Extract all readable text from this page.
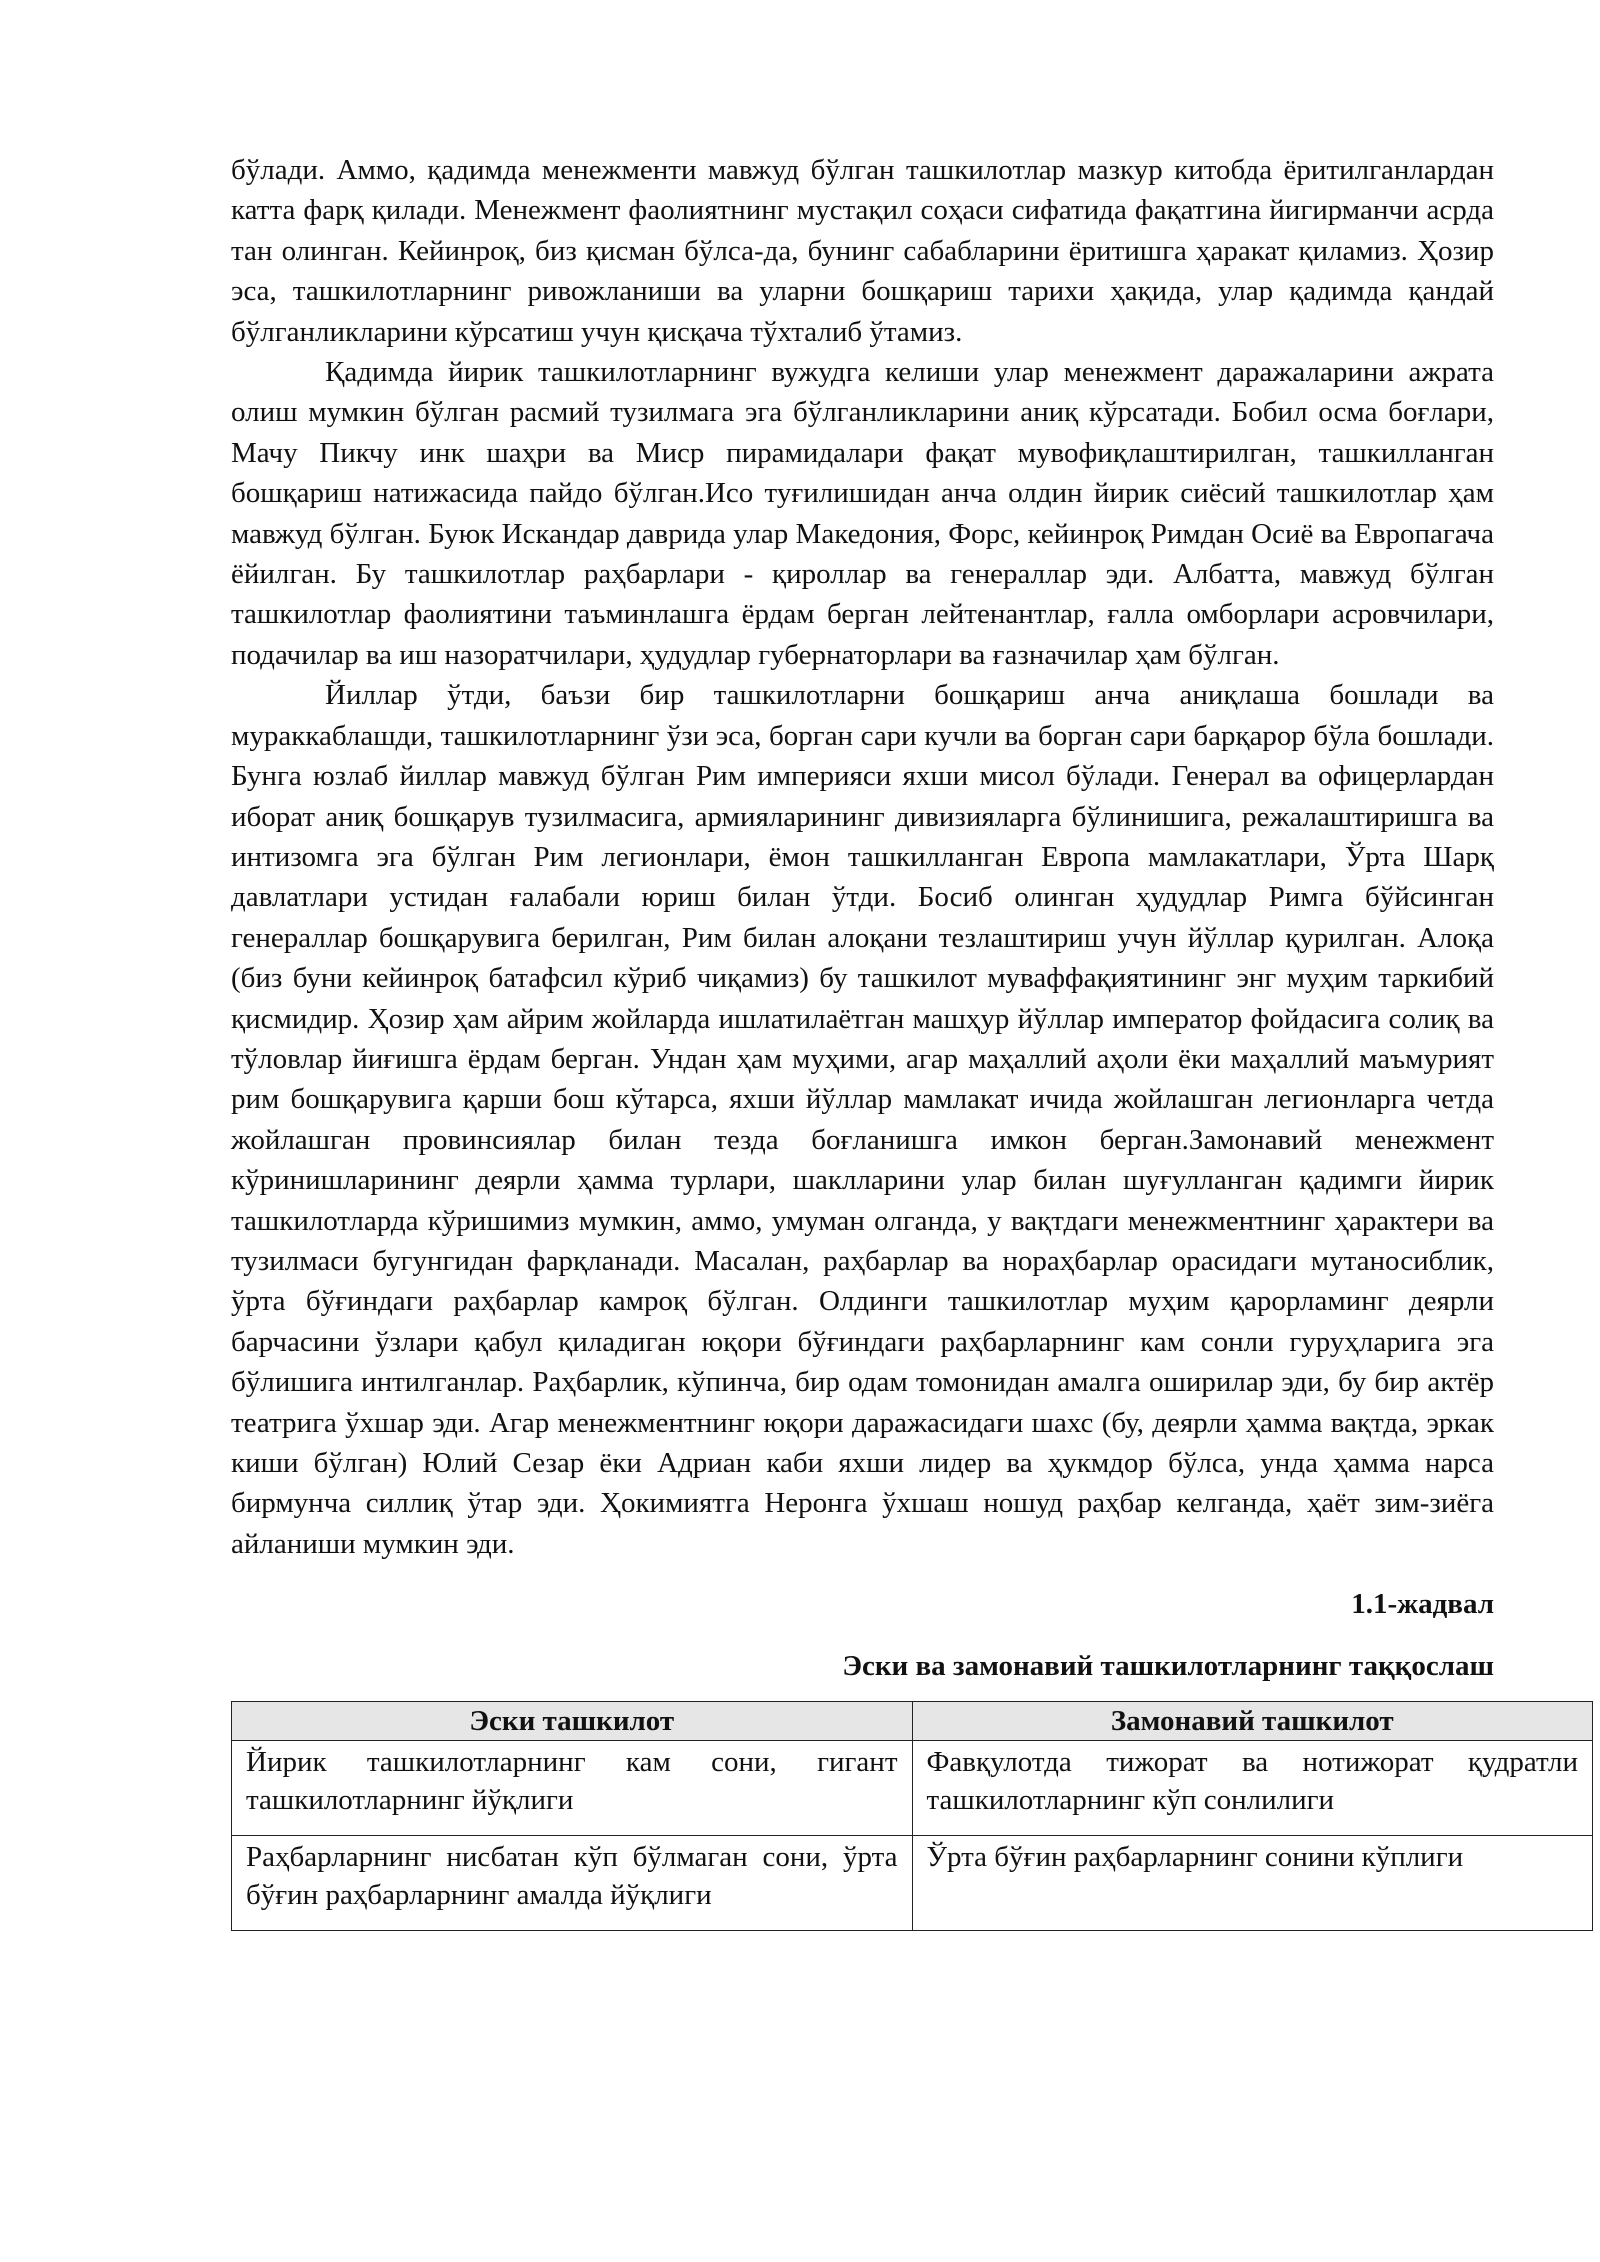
бўлади. Аммо, қадимда менежменти мавжуд бўлган ташкилотлар мазкур китобда ёритилганлардан катта фарқ қилади. Менежмент фаолиятнинг мустақил соҳаси сифатида фақатгина йигирманчи асрда тан олинган. Кейинроқ, биз қисман бўлса-да, бунинг сабабларини ёритишга ҳаракат қиламиз. Ҳозир эса, ташкилотларнинг ривожланиши ва уларни бошқариш тарихи ҳақида, улар қадимда қандай бўлганликларини кўрсатиш учун қисқача тўхталиб ўтамиз.

Қадимда йирик ташкилотларнинг вужудга келиши улар менежмент даражаларини ажрата олиш мумкин бўлган расмий тузилмага эга бўлганликларини аниқ кўрсатади. Бобил осма боғлари, Мачу Пикчу инк шаҳри ва Миср пирамидалари фақат мувофиқлаштирилган, ташкилланган бошқариш натижасида пайдо бўлган.Исо туғилишидан анча олдин йирик сиёсий ташкилотлар ҳам мавжуд бўлган. Буюк Искандар даврида улар Македония, Форс, кейинроқ Римдан Осиё ва Европагача ёйилган. Бу ташкилотлар раҳбарлари - қироллар ва генераллар эди. Албатта, мавжуд бўлган ташкилотлар фаолиятини таъминлашга ёрдам берган лейтенантлар, ғалла омборлари асровчилари, подачилар ва иш назоратчилари, ҳудудлар губернаторлари ва ғазначилар ҳам бўлган.

Йиллар ўтди, баъзи бир ташкилотларни бошқариш анча аниқлаша бошлади ва мураккаблашди, ташкилотларнинг ўзи эса, борган сари кучли ва борган сари барқарор бўла бошлади. Бунга юзлаб йиллар мавжуд бўлган Рим империяси яхши мисол бўлади. Генерал ва офицерлардан иборат аниқ бошқарув тузилмасига, армияларининг дивизияларга бўлинишига, режалаштиришга ва интизомга эга бўлган Рим легионлари, ёмон ташкилланган Европа мамлакатлари, Ўрта Шарқ давлатлари устидан ғалабали юриш билан ўтди. Босиб олинган ҳудудлар Римга бўйсинган генераллар бошқарувига берилган, Рим билан алоқани тезлаштириш учун йўллар қурилган. Алоқа (биз буни кейинроқ батафсил кўриб чиқамиз) бу ташкилот муваффақиятининг энг муҳим таркибий қисмидир. Ҳозир ҳам айрим жойларда ишлатилаётган машҳур йўллар император фойдасига солиқ ва тўловлар йиғишга ёрдам берган. Ундан ҳам муҳими, агар маҳаллий аҳоли ёки маҳаллий маъмурият рим бошқарувига қарши бош кўтарса, яхши йўллар мамлакат ичида жойлашган легионларга четда жойлашган провинсиялар билан тезда боғланишга имкон берган.Замонавий менежмент кўринишларининг деярли ҳамма турлари, шаклларини улар билан шуғулланган қадимги йирик ташкилотларда кўришимиз мумкин, аммо, умуман олганда, у вақтдаги менежментнинг ҳарактери ва тузилмаси бугунгидан фарқланади. Масалан, раҳбарлар ва нораҳбарлар орасидаги мутаносиблик, ўрта бўғиндаги раҳбарлар камроқ бўлган. Олдинги ташкилотлар муҳим қарорламинг деярли барчасини ўзлари қабул қиладиган юқори бўғиндаги раҳбарларнинг кам сонли гуруҳларига эга бўлишига интилганлар. Раҳбарлик, кўпинча, бир одам томонидан амалга оширилар эди, бу бир актёр театрига ўхшар эди. Агар менежментнинг юқори даражасидаги шахс (бу, деярли ҳамма вақтда, эркак киши бўлган) Юлий Сезар ёки Адриан каби яхши лидер ва ҳукмдор бўлса, унда ҳамма нарса бирмунча силлиқ ўтар эди. Ҳокимиятга Неронга ўхшаш ношуд раҳбар келганда, ҳаёт зим-зиёга айланиши мумкин эди.

1.1-жадвал

Эски ва замонавий ташкилотларнинг таққослаш

Эски ташкилот	Замонавий ташкилот
Йирик ташкилотларнинг кам сони, гигант ташкилотларнинг йўқлиги	Фавқулотда тижорат ва нотижорат қудратли ташкилотларнинг кўп сонлилиги
Раҳбарларнинг нисбатан кўп бўлмаган сони, ўрта бўғин раҳбарларнинг амалда йўқлиги	Ўрта бўғин раҳбарларнинг сонини кўплиги
